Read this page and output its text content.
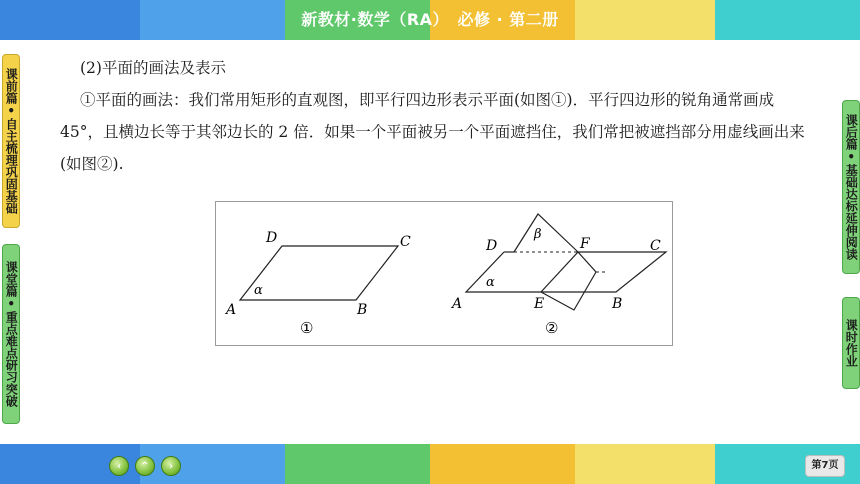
新教材·数学（RA）　必修 · 第二册
课前篇•自主梳理巩固基础
课堂篇•重点难点研习突破
课后篇•基础达标延伸阅读
课时作业

(2)平面的画法及表示

①平面的画法：我们常用矩形的直观图，即平行四边形表示平面(如图①)．平行四边形的锐角通常画成 45°，且横边长等于其邻边长的 2 倍．如果一个平面被另一个平面遮挡住，我们常把被遮挡部分用虚线画出来(如图②).

D	C
A	B
α
①
D
β
F	C
A
α
E	B
②
‹ ⌃ ›	第7页
